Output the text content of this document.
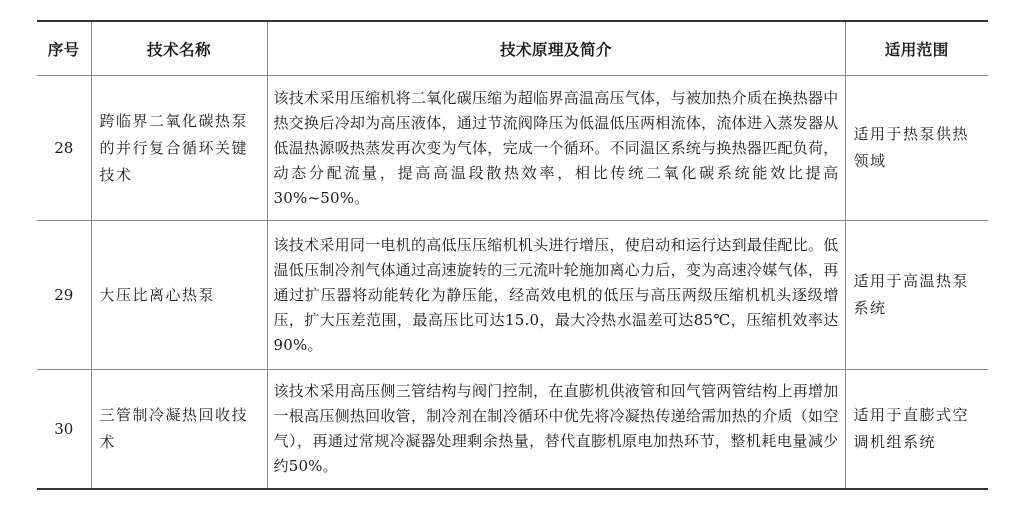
序号	技术名称	技术原理及简介	适用范围
28	跨临界二氧化碳热泵的并行复合循环关键技术	该技术采用压缩机将二氧化碳压缩为超临界高温高压气体，与被加热介质在换热器中热交换后冷却为高压液体，通过节流阀降压为低温低压两相流体，流体进入蒸发器从低温热源吸热蒸发再次变为气体，完成一个循环。不同温区系统与换热器匹配负荷，动态分配流量，提高高温段散热效率，相比传统二氧化碳系统能效比提高30%~50%。	适用于热泵供热领域
29	大压比离心热泵	该技术采用同一电机的高低压压缩机机头进行增压，使启动和运行达到最佳配比。低温低压制冷剂气体通过高速旋转的三元流叶轮施加离心力后，变为高速冷媒气体，再通过扩压器将动能转化为静压能，经高效电机的低压与高压两级压缩机机头逐级增压，扩大压差范围，最高压比可达15.0，最大冷热水温差可达85℃，压缩机效率达90%。	适用于高温热泵系统
30	三管制冷凝热回收技术	该技术采用高压侧三管结构与阀门控制，在直膨机供液管和回气管两管结构上再增加一根高压侧热回收管，制冷剂在制冷循环中优先将冷凝热传递给需加热的介质（如空气），再通过常规冷凝器处理剩余热量，替代直膨机原电加热环节，整机耗电量减少约50%。	适用于直膨式空调机组系统
